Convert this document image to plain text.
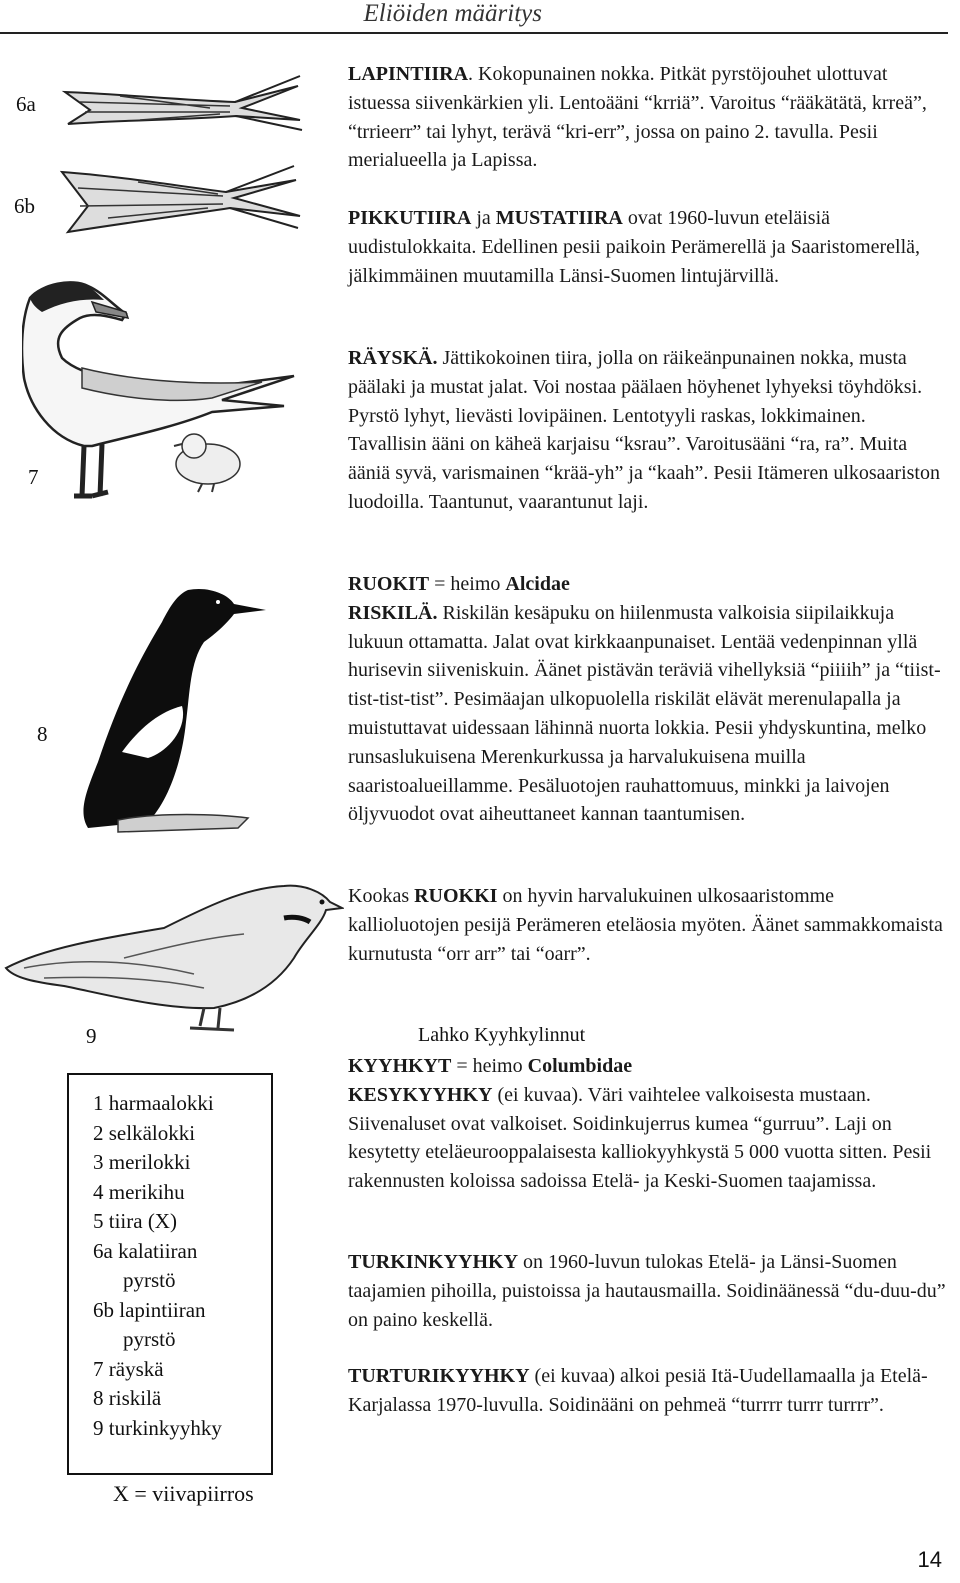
Eliöiden määritys
6a
6b
7
8
9

LAPINTIIRA. Kokopunainen nokka. Pitkät pyrstöjouhet ulottuvat istuessa siivenkärkien yli. Lentoääni “krriä”. Varoitus “rääkätätä, krreä”, “trrieerr” tai lyhyt, terävä “kri-err”, jossa on paino 2. tavulla. Pesii merialueella ja Lapissa.

PIKKUTIIRA ja MUSTATIIRA ovat 1960-luvun eteläisiä uudistulokkaita. Edellinen pesii paikoin Perämerellä ja Saaristomerellä, jälkimmäinen muutamilla Länsi-Suomen lintujärvillä.

RÄYSKÄ. Jättikokoinen tiira, jolla on räikeänpunainen nokka, musta päälaki ja mustat jalat. Voi nostaa päälaen höyhenet lyhyeksi töyhdöksi. Pyrstö lyhyt, lievästi lovipäinen. Lentotyyli raskas, lokkimainen. Tavallisin ääni on käheä karjaisu “ksrau”. Varoitusääni “ra, ra”. Muita ääniä syvä, varismainen “krää-yh” ja “kaah”. Pesii Itämeren ulkosaariston luodoilla. Taantunut, vaarantunut laji.

RUOKIT = heimo Alcidae

RISKILÄ. Riskilän kesäpuku on hiilenmusta valkoisia siipilaikkuja lukuun ottamatta. Jalat ovat kirkkaanpunaiset. Lentää vedenpinnan yllä hurisevin siiveniskuin. Äänet pistävän teräviä vihellyksiä “piiiih” ja “tiist-tist-tist-tist”. Pesimäajan ulkopuolella riskilät elävät merenulapalla ja muistuttavat uidessaan lähinnä nuorta lokkia. Pesii yhdyskuntina, melko runsaslukuisena Merenkurkussa ja harvalukuisena muilla saaristoalueillamme. Pesäluotojen rauhattomuus, minkki ja laivojen öljyvuodot ovat aiheuttaneet kannan taantumisen.

Kookas RUOKKI on hyvin harvalukuinen ulkosaaristomme kallioluotojen pesijä Perämeren eteläosia myöten. Äänet sammakkomaista kurnutusta “orr arr” tai “oarr”.

Lahko Kyyhkylinnut

KYYHKYT = heimo Columbidae

KESYKYYHKY (ei kuvaa). Väri vaihtelee valkoisesta mustaan. Siivenaluset ovat valkoiset. Soidinkujerrus kumea “gurruu”. Laji on kesytetty eteläeurooppalaisesta kalliokyyhkystä 5 000 vuotta sitten. Pesii rakennusten koloissa sadoissa Etelä- ja Keski-Suomen taajamissa.

TURKINKYYHKY on 1960-luvun tulokas Etelä- ja Länsi-Suomen taajamien pihoilla, puistoissa ja hautausmailla. Soidinäänessä “du-duu-du” on paino keskellä.

TURTURIKYYHKY (ei kuvaa) alkoi pesiä Itä-Uudellamaalla ja Etelä-Karjalassa 1970-luvulla. Soidinääni on pehmeä “turrrr turrr turrrr”.

1 harmaalokki
2 selkälokki
3 merilokki
4 merikihu
5 tiira (X)
6a kalatiiran
pyrstö
6b lapintiiran
pyrstö
7 räyskä
8 riskilä
9 turkinkyyhky
X = viivapiirros
14
